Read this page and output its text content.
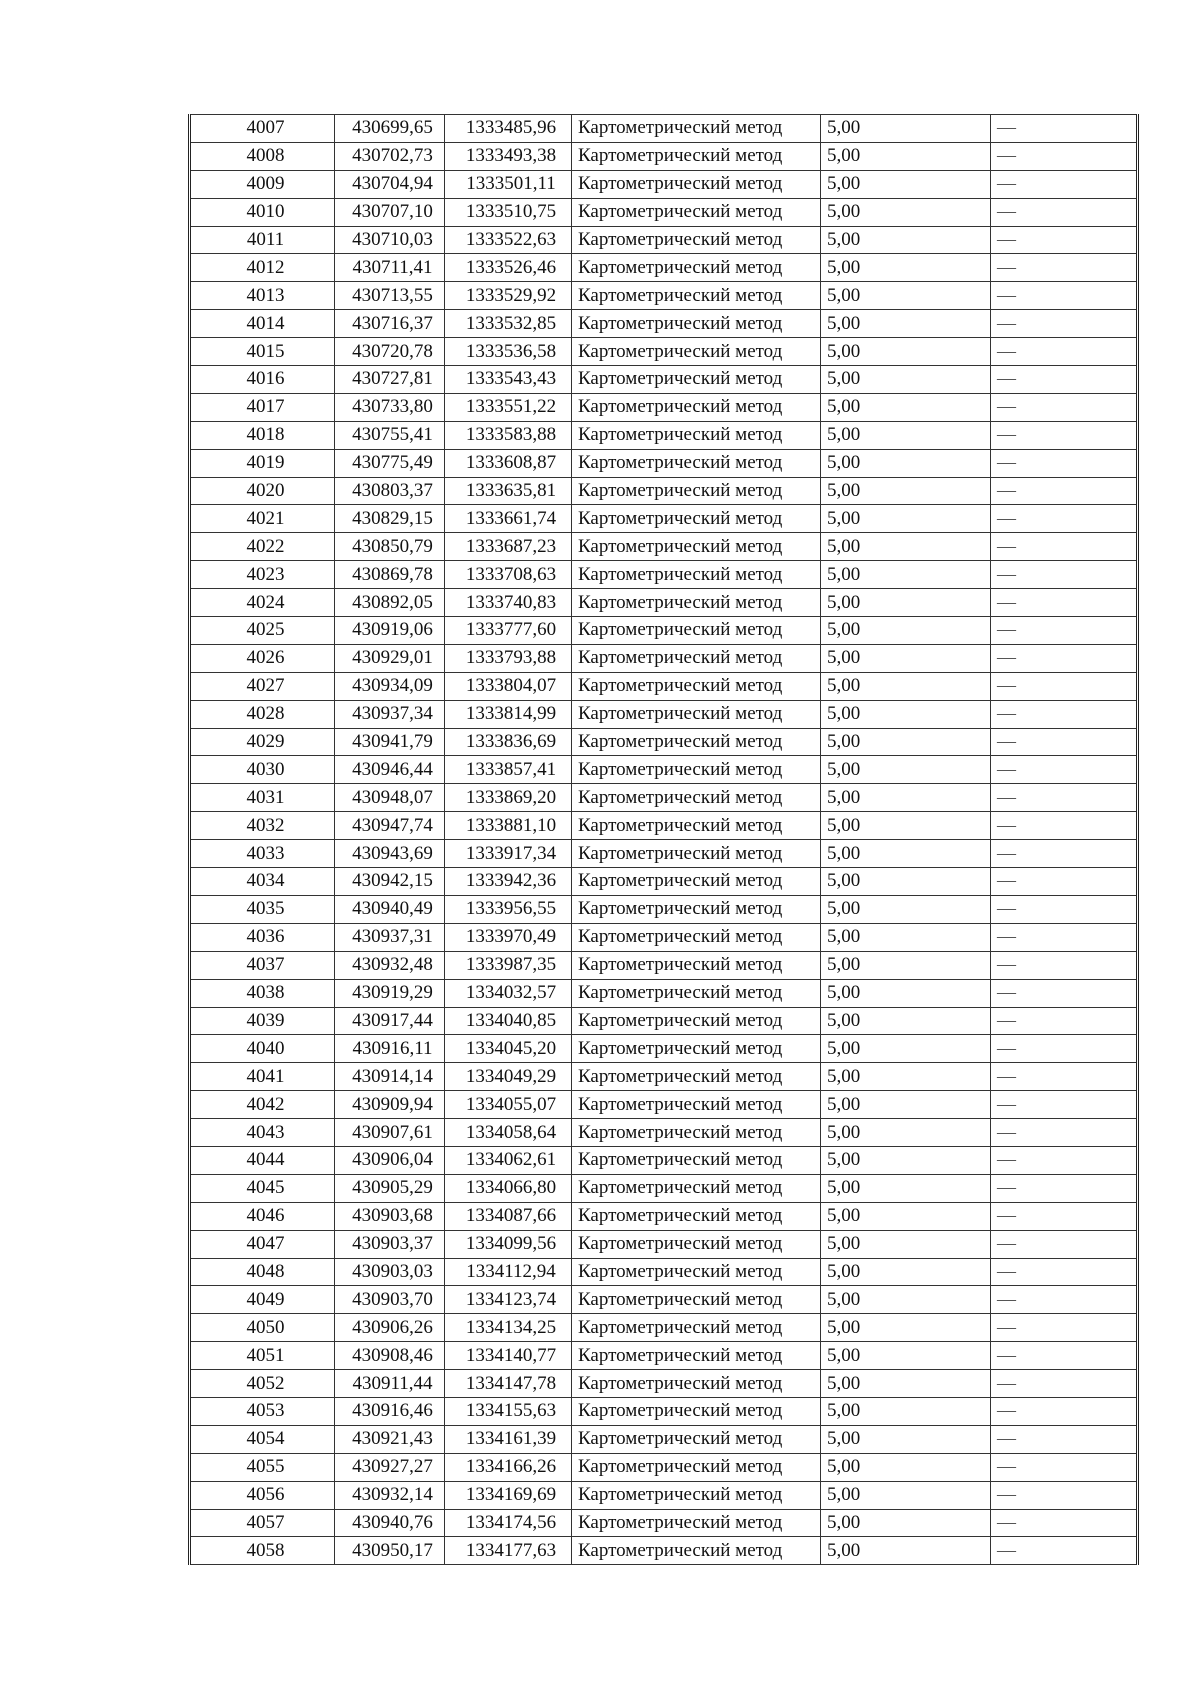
4007	430699,65	1333485,96	Картометрический метод	5,00	—
4008	430702,73	1333493,38	Картометрический метод	5,00	—
4009	430704,94	1333501,11	Картометрический метод	5,00	—
4010	430707,10	1333510,75	Картометрический метод	5,00	—
4011	430710,03	1333522,63	Картометрический метод	5,00	—
4012	430711,41	1333526,46	Картометрический метод	5,00	—
4013	430713,55	1333529,92	Картометрический метод	5,00	—
4014	430716,37	1333532,85	Картометрический метод	5,00	—
4015	430720,78	1333536,58	Картометрический метод	5,00	—
4016	430727,81	1333543,43	Картометрический метод	5,00	—
4017	430733,80	1333551,22	Картометрический метод	5,00	—
4018	430755,41	1333583,88	Картометрический метод	5,00	—
4019	430775,49	1333608,87	Картометрический метод	5,00	—
4020	430803,37	1333635,81	Картометрический метод	5,00	—
4021	430829,15	1333661,74	Картометрический метод	5,00	—
4022	430850,79	1333687,23	Картометрический метод	5,00	—
4023	430869,78	1333708,63	Картометрический метод	5,00	—
4024	430892,05	1333740,83	Картометрический метод	5,00	—
4025	430919,06	1333777,60	Картометрический метод	5,00	—
4026	430929,01	1333793,88	Картометрический метод	5,00	—
4027	430934,09	1333804,07	Картометрический метод	5,00	—
4028	430937,34	1333814,99	Картометрический метод	5,00	—
4029	430941,79	1333836,69	Картометрический метод	5,00	—
4030	430946,44	1333857,41	Картометрический метод	5,00	—
4031	430948,07	1333869,20	Картометрический метод	5,00	—
4032	430947,74	1333881,10	Картометрический метод	5,00	—
4033	430943,69	1333917,34	Картометрический метод	5,00	—
4034	430942,15	1333942,36	Картометрический метод	5,00	—
4035	430940,49	1333956,55	Картометрический метод	5,00	—
4036	430937,31	1333970,49	Картометрический метод	5,00	—
4037	430932,48	1333987,35	Картометрический метод	5,00	—
4038	430919,29	1334032,57	Картометрический метод	5,00	—
4039	430917,44	1334040,85	Картометрический метод	5,00	—
4040	430916,11	1334045,20	Картометрический метод	5,00	—
4041	430914,14	1334049,29	Картометрический метод	5,00	—
4042	430909,94	1334055,07	Картометрический метод	5,00	—
4043	430907,61	1334058,64	Картометрический метод	5,00	—
4044	430906,04	1334062,61	Картометрический метод	5,00	—
4045	430905,29	1334066,80	Картометрический метод	5,00	—
4046	430903,68	1334087,66	Картометрический метод	5,00	—
4047	430903,37	1334099,56	Картометрический метод	5,00	—
4048	430903,03	1334112,94	Картометрический метод	5,00	—
4049	430903,70	1334123,74	Картометрический метод	5,00	—
4050	430906,26	1334134,25	Картометрический метод	5,00	—
4051	430908,46	1334140,77	Картометрический метод	5,00	—
4052	430911,44	1334147,78	Картометрический метод	5,00	—
4053	430916,46	1334155,63	Картометрический метод	5,00	—
4054	430921,43	1334161,39	Картометрический метод	5,00	—
4055	430927,27	1334166,26	Картометрический метод	5,00	—
4056	430932,14	1334169,69	Картометрический метод	5,00	—
4057	430940,76	1334174,56	Картометрический метод	5,00	—
4058	430950,17	1334177,63	Картометрический метод	5,00	—
